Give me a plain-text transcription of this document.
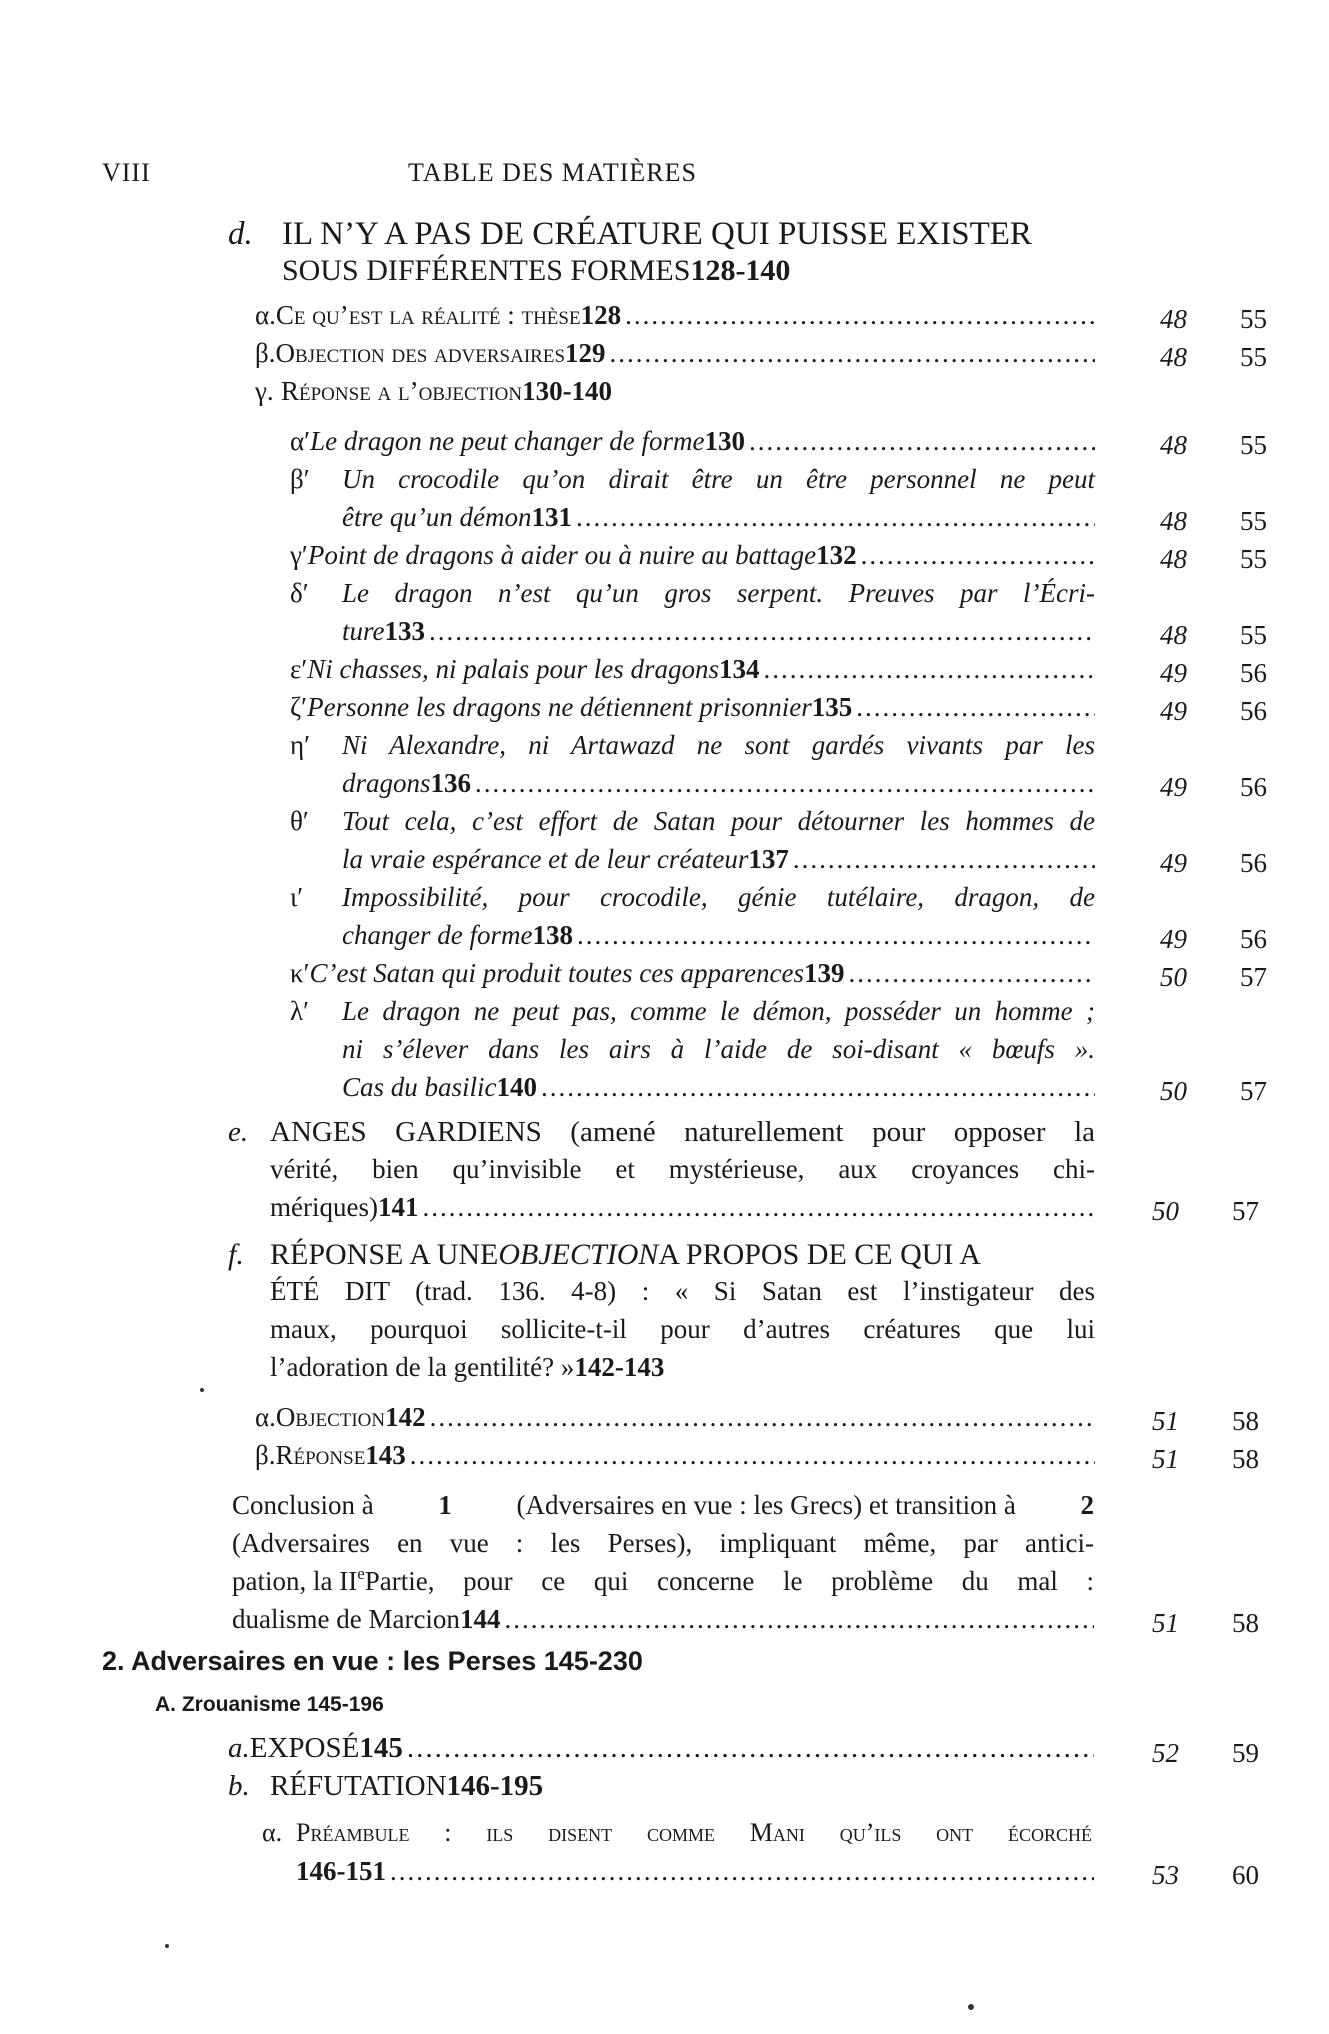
VIII	TABLE DES MATIÈRES
d. IL N’Y A PAS DE CRÉATURE QUI PUISSE EXISTER
SOUS DIFFÉRENTES FORMES 128-140
α. Ce qu’est la réalité : thèse 128 .....	48 55
β. Objection des adversaires 129 .....	48 55
γ. Réponse a l’objection 130-140
α′ Le dragon ne peut changer de forme 130 .....	48 55
β′	Un crocodile qu’on dirait être un être personnel ne peut
être qu’un démon 131 .....	48 55
γ′ Point de dragons à aider ou à nuire au battage 132 .....	48 55
δ′	Le dragon n’est qu’un gros serpent. Preuves par l’Écri-
ture 133 .....	48 55
ε′ Ni chasses, ni palais pour les dragons 134 .....	49 56
ζ′ Personne les dragons ne détiennent prisonnier 135 .....	49 56
η′	Ni Alexandre, ni Artawazd ne sont gardés vivants par les
dragons 136 .....	49 56
θ′	Tout cela, c’est effort de Satan pour détourner les hommes de
la vraie espérance et de leur créateur 137 .....	49 56
ι′	Impossibilité, pour crocodile, génie tutélaire, dragon, de
changer de forme 138 .....	49 56
κ′ C’est Satan qui produit toutes ces apparences 139 .....	50 57
λ′	Le dragon ne peut pas, comme le démon, posséder un homme ;
ni s’élever dans les airs à l’aide de soi-disant « bœufs ».
Cas du basilic 140 .....	50 57
e. ANGES GARDIENS (amené naturellement pour opposer la
vérité, bien qu’invisible et mystérieuse, aux croyances chi-
mériques) 141 .....	50 57
f. RÉPONSE A UNE OBJECTION A PROPOS DE CE QUI A
ÉTÉ DIT (trad. 136. 4-8) : « Si Satan est l’instigateur des
maux, pourquoi sollicite-t-il pour d’autres créatures que lui
l’adoration de la gentilité? » 142-143
α. Objection 142 .....	51 58
β. Réponse 143 .....	51 58
Conclusion à 1 (Adversaires en vue : les Grecs) et transition à 2
(Adversaires en vue : les Perses), impliquant même, par antici-
pation, la II e Partie, pour ce qui concerne le problème du mal :
dualisme de Marcion 144 .....	51 58
2. Adversaires en vue : les Perses 145-230
A. Zrouanisme 145-196
a. EXPOSÉ 145 .....	52 59
b. RÉFUTATION 146-195
α. Préambule : ils disent comme Mani qu’ils ont écorché
146-151 .....	53 60
